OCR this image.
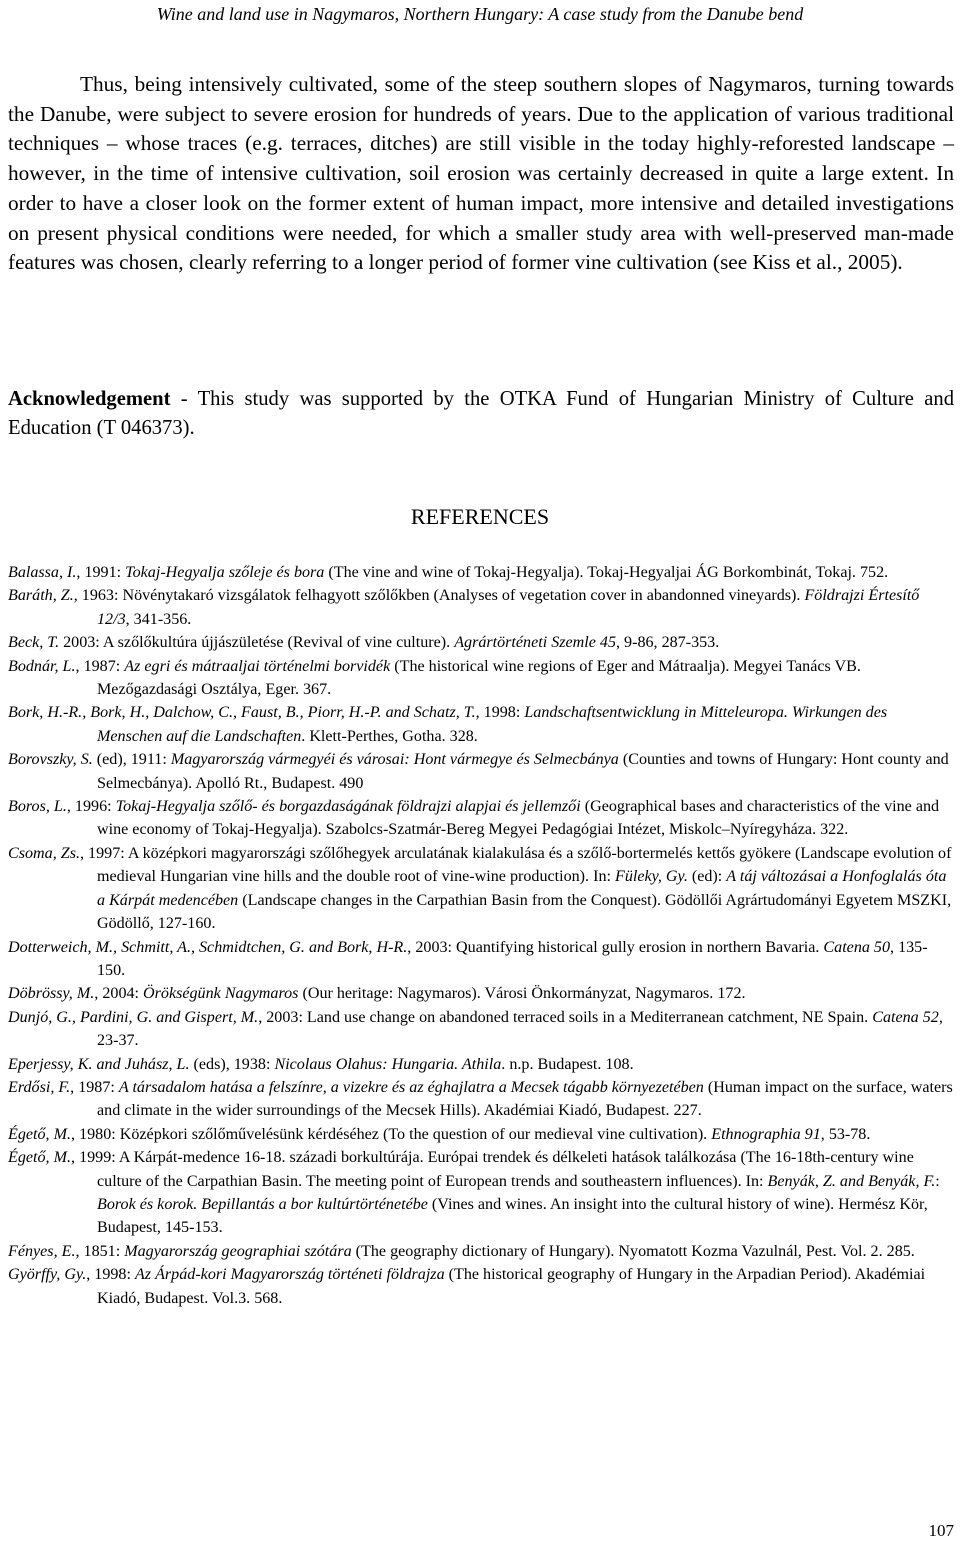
Wine and land use in Nagymaros, Northern Hungary: A case study from the Danube bend

Thus, being intensively cultivated, some of the steep southern slopes of Nagymaros, turning towards the Danube, were subject to severe erosion for hundreds of years. Due to the application of various traditional techniques – whose traces (e.g. terraces, ditches) are still visible in the today highly-reforested landscape – however, in the time of intensive cultivation, soil erosion was certainly decreased in quite a large extent. In order to have a closer look on the former extent of human impact, more intensive and detailed investigations on present physical conditions were needed, for which a smaller study area with well-preserved man-made features was chosen, clearly referring to a longer period of former vine cultivation (see Kiss et al., 2005).

Acknowledgement - This study was supported by the OTKA Fund of Hungarian Ministry of Culture and Education (T 046373).

REFERENCES
Balassa, I., 1991: Tokaj-Hegyalja szőleje és bora (The vine and wine of Tokaj-Hegyalja). Tokaj-Hegyaljai ÁG Borkombinát, Tokaj. 752.
Baráth, Z., 1963: Növénytakaró vizsgálatok felhagyott szőlőkben (Analyses of vegetation cover in abandonned vineyards). Földrajzi Értesítő 12/3, 341-356.
Beck, T. 2003: A szőlőkultúra újjászületése (Revival of vine culture). Agrártörténeti Szemle 45, 9-86, 287-353.
Bodnár, L., 1987: Az egri és mátraaljai történelmi borvidék (The historical wine regions of Eger and Mátraalja). Megyei Tanács VB. Mezőgazdasági Osztálya, Eger. 367.
Bork, H.-R., Bork, H., Dalchow, C., Faust, B., Piorr, H.-P. and Schatz, T., 1998: Landschaftsentwicklung in Mitteleuropa. Wirkungen des Menschen auf die Landschaften. Klett-Perthes, Gotha. 328.
Borovszky, S. (ed), 1911: Magyarország vármegyéi és városai: Hont vármegye és Selmecbánya (Counties and towns of Hungary: Hont county and Selmecbánya). Apolló Rt., Budapest. 490
Boros, L., 1996: Tokaj-Hegyalja szőlő- és borgazdaságának földrajzi alapjai és jellemzői (Geographical bases and characteristics of the vine and wine economy of Tokaj-Hegyalja). Szabolcs-Szatmár-Bereg Megyei Pedagógiai Intézet, Miskolc–Nyíregyháza. 322.
Csoma, Zs., 1997: A középkori magyarországi szőlőhegyek arculatának kialakulása és a szőlő-bortermelés kettős gyökere (Landscape evolution of medieval Hungarian vine hills and the double root of vine-wine production). In: Füleky, Gy. (ed): A táj változásai a Honfoglalás óta a Kárpát medencében (Landscape changes in the Carpathian Basin from the Conquest). Gödöllői Agrártudományi Egyetem MSZKI, Gödöllő, 127-160.
Dotterweich, M., Schmitt, A., Schmidtchen, G. and Bork, H-R., 2003: Quantifying historical gully erosion in northern Bavaria. Catena 50, 135-150.
Döbrössy, M., 2004: Örökségünk Nagymaros (Our heritage: Nagymaros). Városi Önkormányzat, Nagymaros. 172.
Dunjó, G., Pardini, G. and Gispert, M., 2003: Land use change on abandoned terraced soils in a Mediterranean catchment, NE Spain. Catena 52, 23-37.
Eperjessy, K. and Juhász, L. (eds), 1938: Nicolaus Olahus: Hungaria. Athila. n.p. Budapest. 108.
Erdősi, F., 1987: A társadalom hatása a felszínre, a vizekre és az éghajlatra a Mecsek tágabb környezetében (Human impact on the surface, waters and climate in the wider surroundings of the Mecsek Hills). Akadémiai Kiadó, Budapest. 227.
Égető, M., 1980: Középkori szőlőművelésünk kérdéséhez (To the question of our medieval vine cultivation). Ethnographia 91, 53-78.
Égető, M., 1999: A Kárpát-medence 16-18. századi borkultúrája. Európai trendek és délkeleti hatások találkozása (The 16-18th-century wine culture of the Carpathian Basin. The meeting point of European trends and southeastern influences). In: Benyák, Z. and Benyák, F.: Borok és korok. Bepillantás a bor kultúrtörténetébe (Vines and wines. An insight into the cultural history of wine). Hermész Kör, Budapest, 145-153.
Fényes, E., 1851: Magyarország geographiai szótára (The geography dictionary of Hungary). Nyomatott Kozma Vazulnál, Pest. Vol. 2. 285.
Györffy, Gy., 1998: Az Árpád-kori Magyarország történeti földrajza (The historical geography of Hungary in the Arpadian Period). Akadémiai Kiadó, Budapest. Vol.3. 568.
107
